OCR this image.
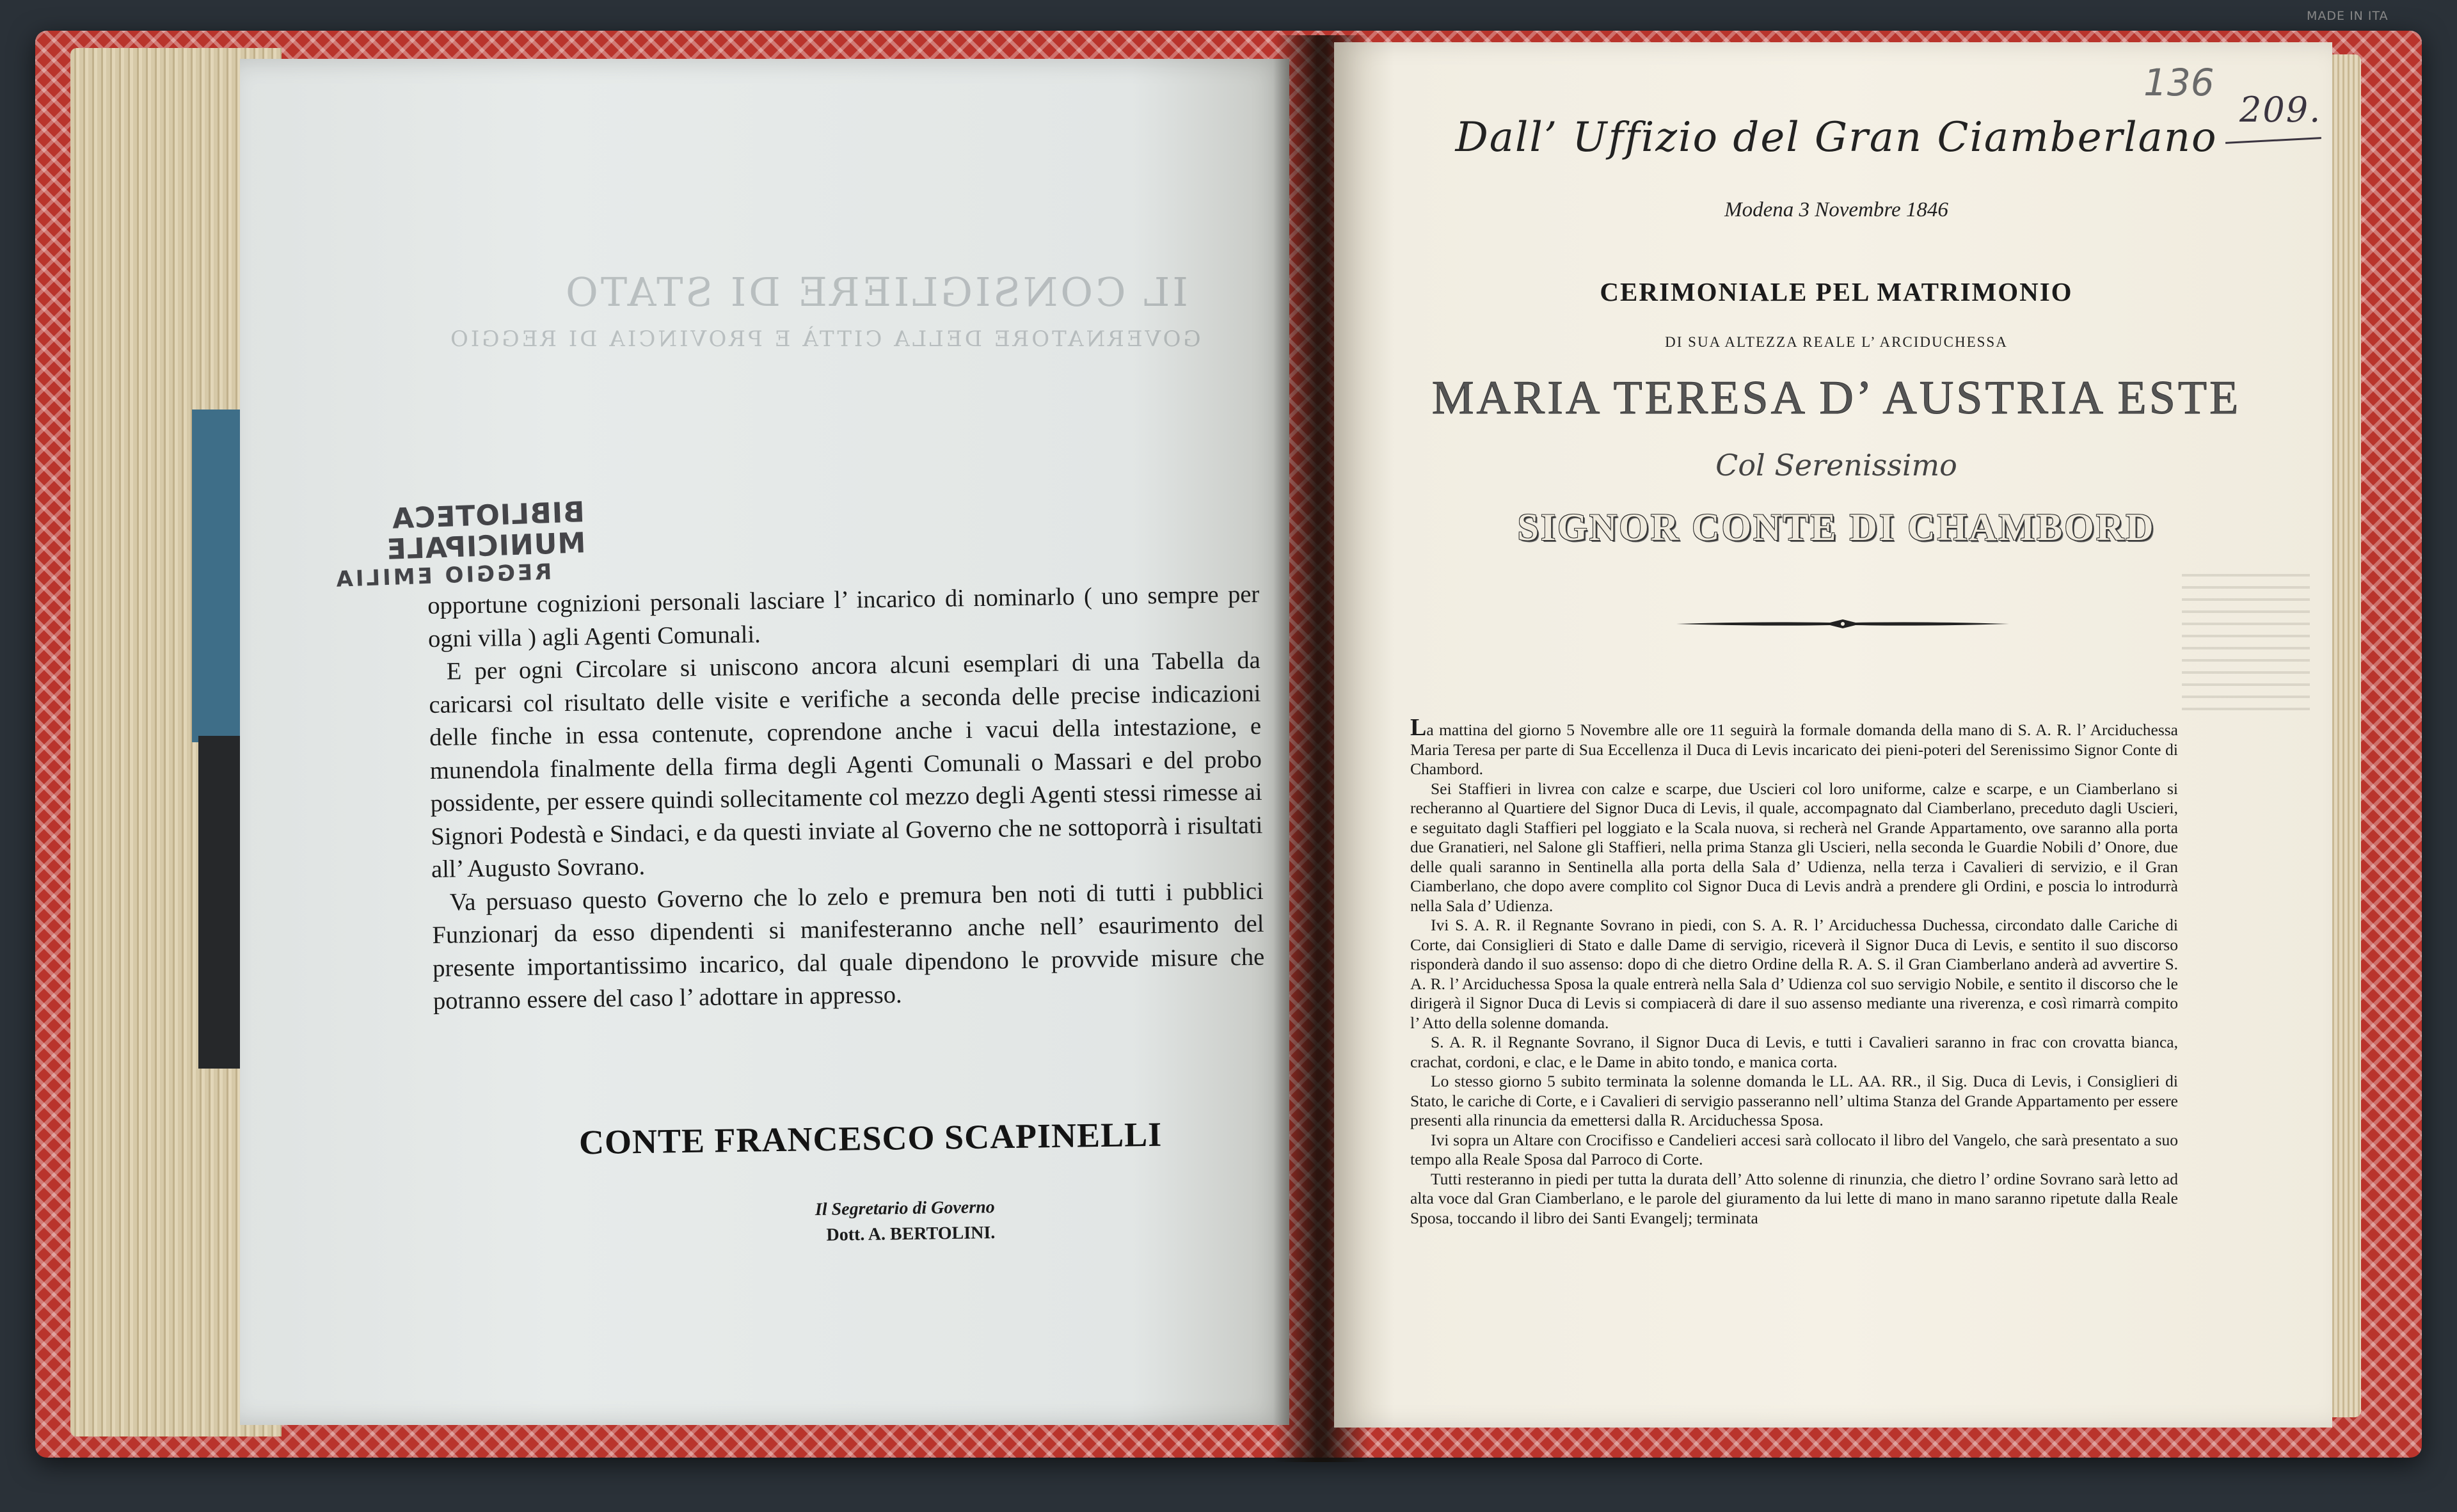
MADE IN ITA
IL CONSIGLIERE DI STATO
GOVERNATORE DELLA CITTÀ E PROVINCIA DI REGGIO
BIBLIOTECA MUNICIPALE
REGGIO EMILIA

opportune cognizioni personali lasciare l’ incarico di nominarlo ( uno sempre per ogni villa ) agli Agenti Comunali.

E per ogni Circolare si uniscono ancora alcuni esemplari di una Tabella da caricarsi col risultato delle visite e verifiche a seconda delle precise indicazioni delle finche in essa contenute, coprendone anche i vacui della intestazione, e munendola finalmente della firma degli Agenti Comunali o Massari e del probo possidente, per essere quindi sollecitamente col mezzo degli Agenti stessi rimesse ai Signori Podestà e Sindaci, e da questi inviate al Governo che ne sottoporrà i risultati all’ Augusto Sovrano.

Va persuaso questo Governo che lo zelo e premura ben noti di tutti i pubblici Funzionarj da esso dipendenti si manifesteranno anche nell’ esaurimento del presente importantissimo incarico, dal quale dipendono le provvide misure che potranno essere del caso l’ adottare in appresso.

CONTE FRANCESCO SCAPINELLI
Il Segretario di Governo
Dott. A. BERTOLINI.
136
209.
Dall’ Uffizio del Gran Ciamberlano
Modena 3 Novembre 1846
CERIMONIALE PEL MATRIMONIO
DI SUA ALTEZZA REALE L’ ARCIDUCHESSA
MARIA TERESA D’ AUSTRIA ESTE
Col Serenissimo
SIGNOR CONTE DI CHAMBORD

La mattina del giorno 5 Novembre alle ore 11 seguirà la formale domanda della mano di S. A. R. l’ Arciduchessa Maria Teresa per parte di Sua Eccellenza il Duca di Levis incaricato dei pieni-poteri del Serenissimo Signor Conte di Chambord.

Sei Staffieri in livrea con calze e scarpe, due Uscieri col loro uniforme, calze e scarpe, e un Ciamberlano si recheranno al Quartiere del Signor Duca di Levis, il quale, accompagnato dal Ciamberlano, preceduto dagli Uscieri, e seguitato dagli Staffieri pel loggiato e la Scala nuova, si recherà nel Grande Appartamento, ove saranno alla porta due Granatieri, nel Salone gli Staffieri, nella prima Stanza gli Uscieri, nella seconda le Guardie Nobili d’ Onore, due delle quali saranno in Sentinella alla porta della Sala d’ Udienza, nella terza i Cavalieri di servizio, e il Gran Ciamberlano, che dopo avere complito col Signor Duca di Levis andrà a prendere gli Ordini, e poscia lo introdurrà nella Sala d’ Udienza.

Ivi S. A. R. il Regnante Sovrano in piedi, con S. A. R. l’ Arciduchessa Duchessa, circondato dalle Cariche di Corte, dai Consiglieri di Stato e dalle Dame di servigio, riceverà il Signor Duca di Levis, e sentito il suo discorso risponderà dando il suo assenso: dopo di che dietro Ordine della R. A. S. il Gran Ciamberlano anderà ad avvertire S. A. R. l’ Arciduchessa Sposa la quale entrerà nella Sala d’ Udienza col suo servigio Nobile, e sentito il discorso che le dirigerà il Signor Duca di Levis si compiacerà di dare il suo assenso mediante una riverenza, e così rimarrà compito l’ Atto della solenne domanda.

S. A. R. il Regnante Sovrano, il Signor Duca di Levis, e tutti i Cavalieri saranno in frac con crovatta bianca, crachat, cordoni, e clac, e le Dame in abito tondo, e manica corta.

Lo stesso giorno 5 subito terminata la solenne domanda le LL. AA. RR., il Sig. Duca di Levis, i Consiglieri di Stato, le cariche di Corte, e i Cavalieri di servigio passeranno nell’ ultima Stanza del Grande Appartamento per essere presenti alla rinuncia da emettersi dalla R. Arciduchessa Sposa.

Ivi sopra un Altare con Crocifisso e Candelieri accesi sarà collocato il libro del Vangelo, che sarà presentato a suo tempo alla Reale Sposa dal Parroco di Corte.

Tutti resteranno in piedi per tutta la durata dell’ Atto solenne di rinunzia, che dietro l’ ordine Sovrano sarà letto ad alta voce dal Gran Ciamberlano, e le parole del giuramento da lui lette di mano in mano saranno ripetute dalla Reale Sposa, toccando il libro dei Santi Evangelj; terminata
